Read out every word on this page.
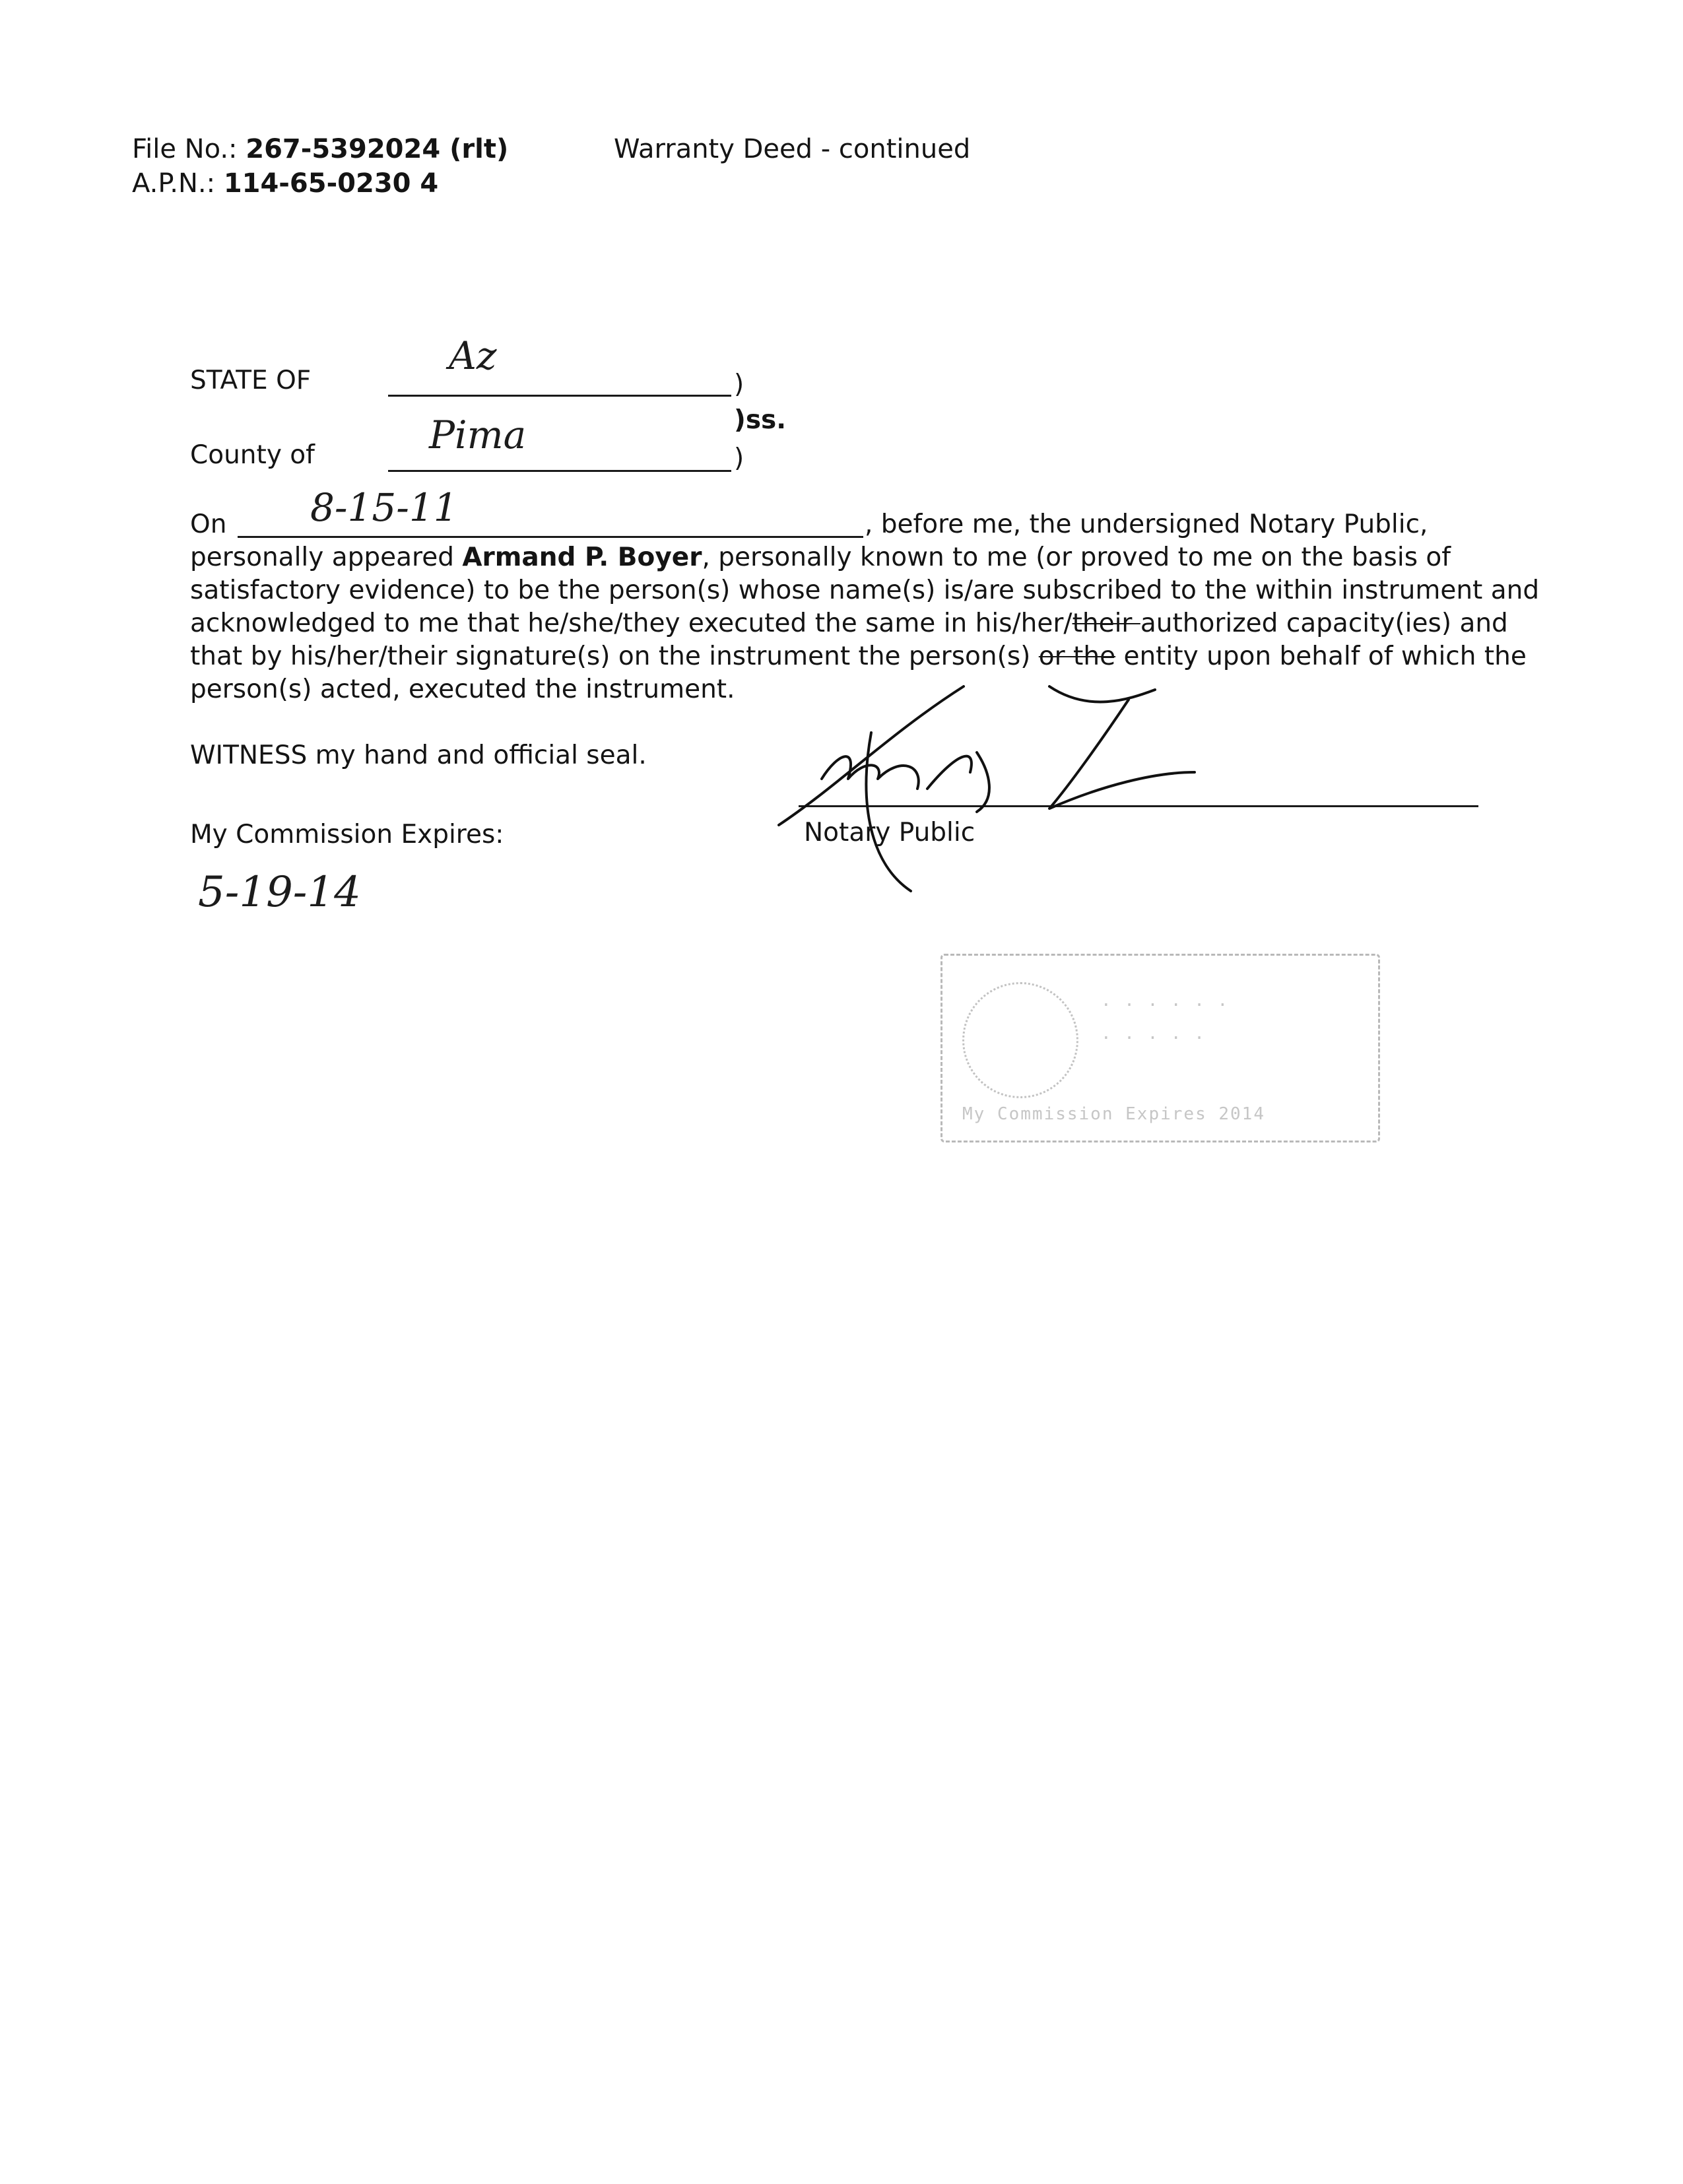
File No.: 267-5392024 (rlt)
A.P.N.: 114-65-0230 4
Warranty Deed - continued
STATE OF
Az
)
)ss.
County of	Pima
)
On 8-15-11	, before me, the undersigned Notary Public,

personally appeared Armand P. Boyer, personally known to me (or proved to me on the basis of

satisfactory evidence) to be the person(s) whose name(s) is/are subscribed to the within instrument and

acknowledged to me that he/she/they executed the same in his/her/their authorized capacity(ies) and

that by his/her/their signature(s) on the instrument the person(s) or the entity upon behalf of which the

person(s) acted, executed the instrument.

WITNESS my hand and official seal.
Notary Public
My Commission Expires:
5-19-14
· · · · · ·
· · · · ·
My Commission Expires 2014
